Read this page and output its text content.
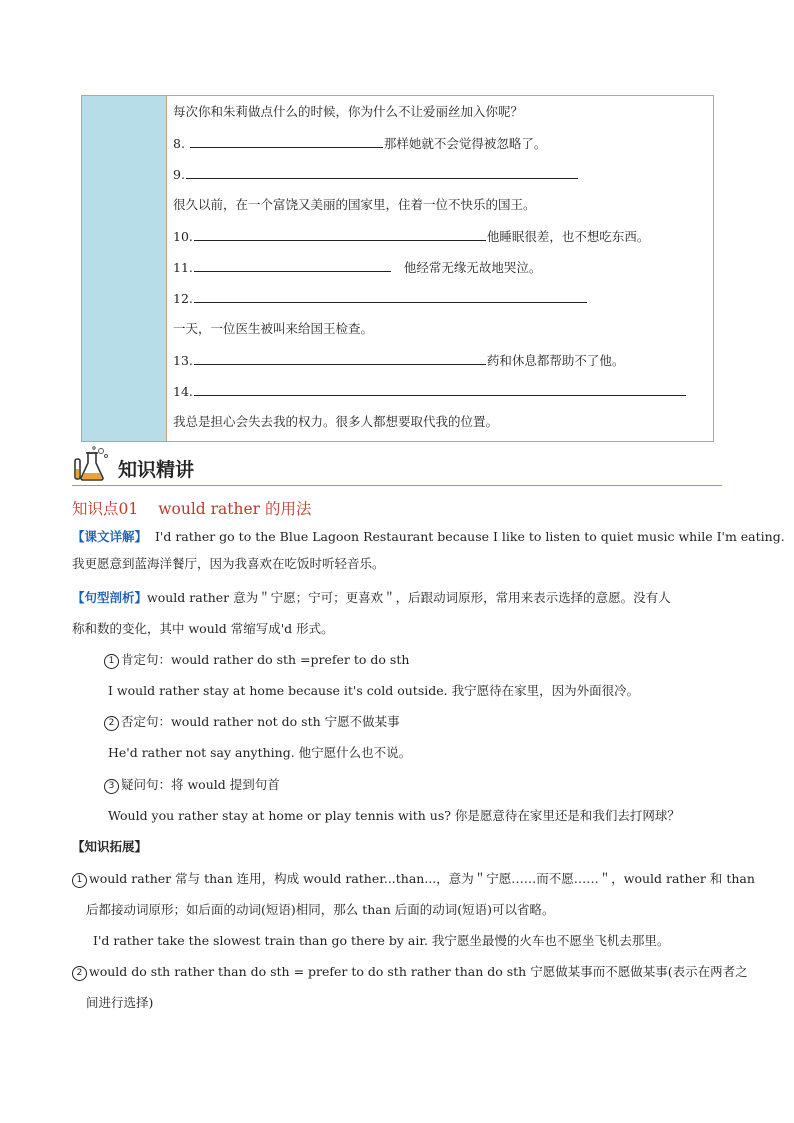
每次你和朱莉做点什么的时候，你为什么不让爱丽丝加入你呢？
8.	那样她就不会觉得被忽略了。
9.
很久以前，在一个富饶又美丽的国家里，住着一位不快乐的国王。
10.	他睡眠很差，也不想吃东西。
11.	他经常无缘无故地哭泣。
12.
一天，一位医生被叫来给国王检查。
13.	药和休息都帮助不了他。
14.
我总是担心会失去我的权力。很多人都想要取代我的位置。
知识精讲
知识点01 would rather 的用法
【课文详解】 I'd rather go to the Blue Lagoon Restaurant because I like to listen to quiet music while I'm eating.
我更愿意到蓝海洋餐厅，因为我喜欢在吃饭时听轻音乐。
【句型剖析】would rather 意为＂宁愿；宁可；更喜欢＂，后跟动词原形，常用来表示选择的意愿。没有人
称和数的变化，其中 would 常缩写成'd 形式。
1 肯定句：would rather do sth =prefer to do sth
I would rather stay at home because it's cold outside. 我宁愿待在家里，因为外面很冷。
2 否定句：would rather not do sth 宁愿不做某事
He'd rather not say anything. 他宁愿什么也不说。
3 疑问句：将 would 提到句首
Would you rather stay at home or play tennis with us? 你是愿意待在家里还是和我们去打网球？
【知识拓展】
1 would rather 常与 than 连用，构成 would rather...than...，意为＂宁愿……而不愿……＂，would rather 和 than
后都接动词原形；如后面的动词(短语)相同，那么 than 后面的动词(短语)可以省略。
I'd rather take the slowest train than go there by air. 我宁愿坐最慢的火车也不愿坐飞机去那里。
2 would do sth rather than do sth = prefer to do sth rather than do sth 宁愿做某事而不愿做某事(表示在两者之
间进行选择)
